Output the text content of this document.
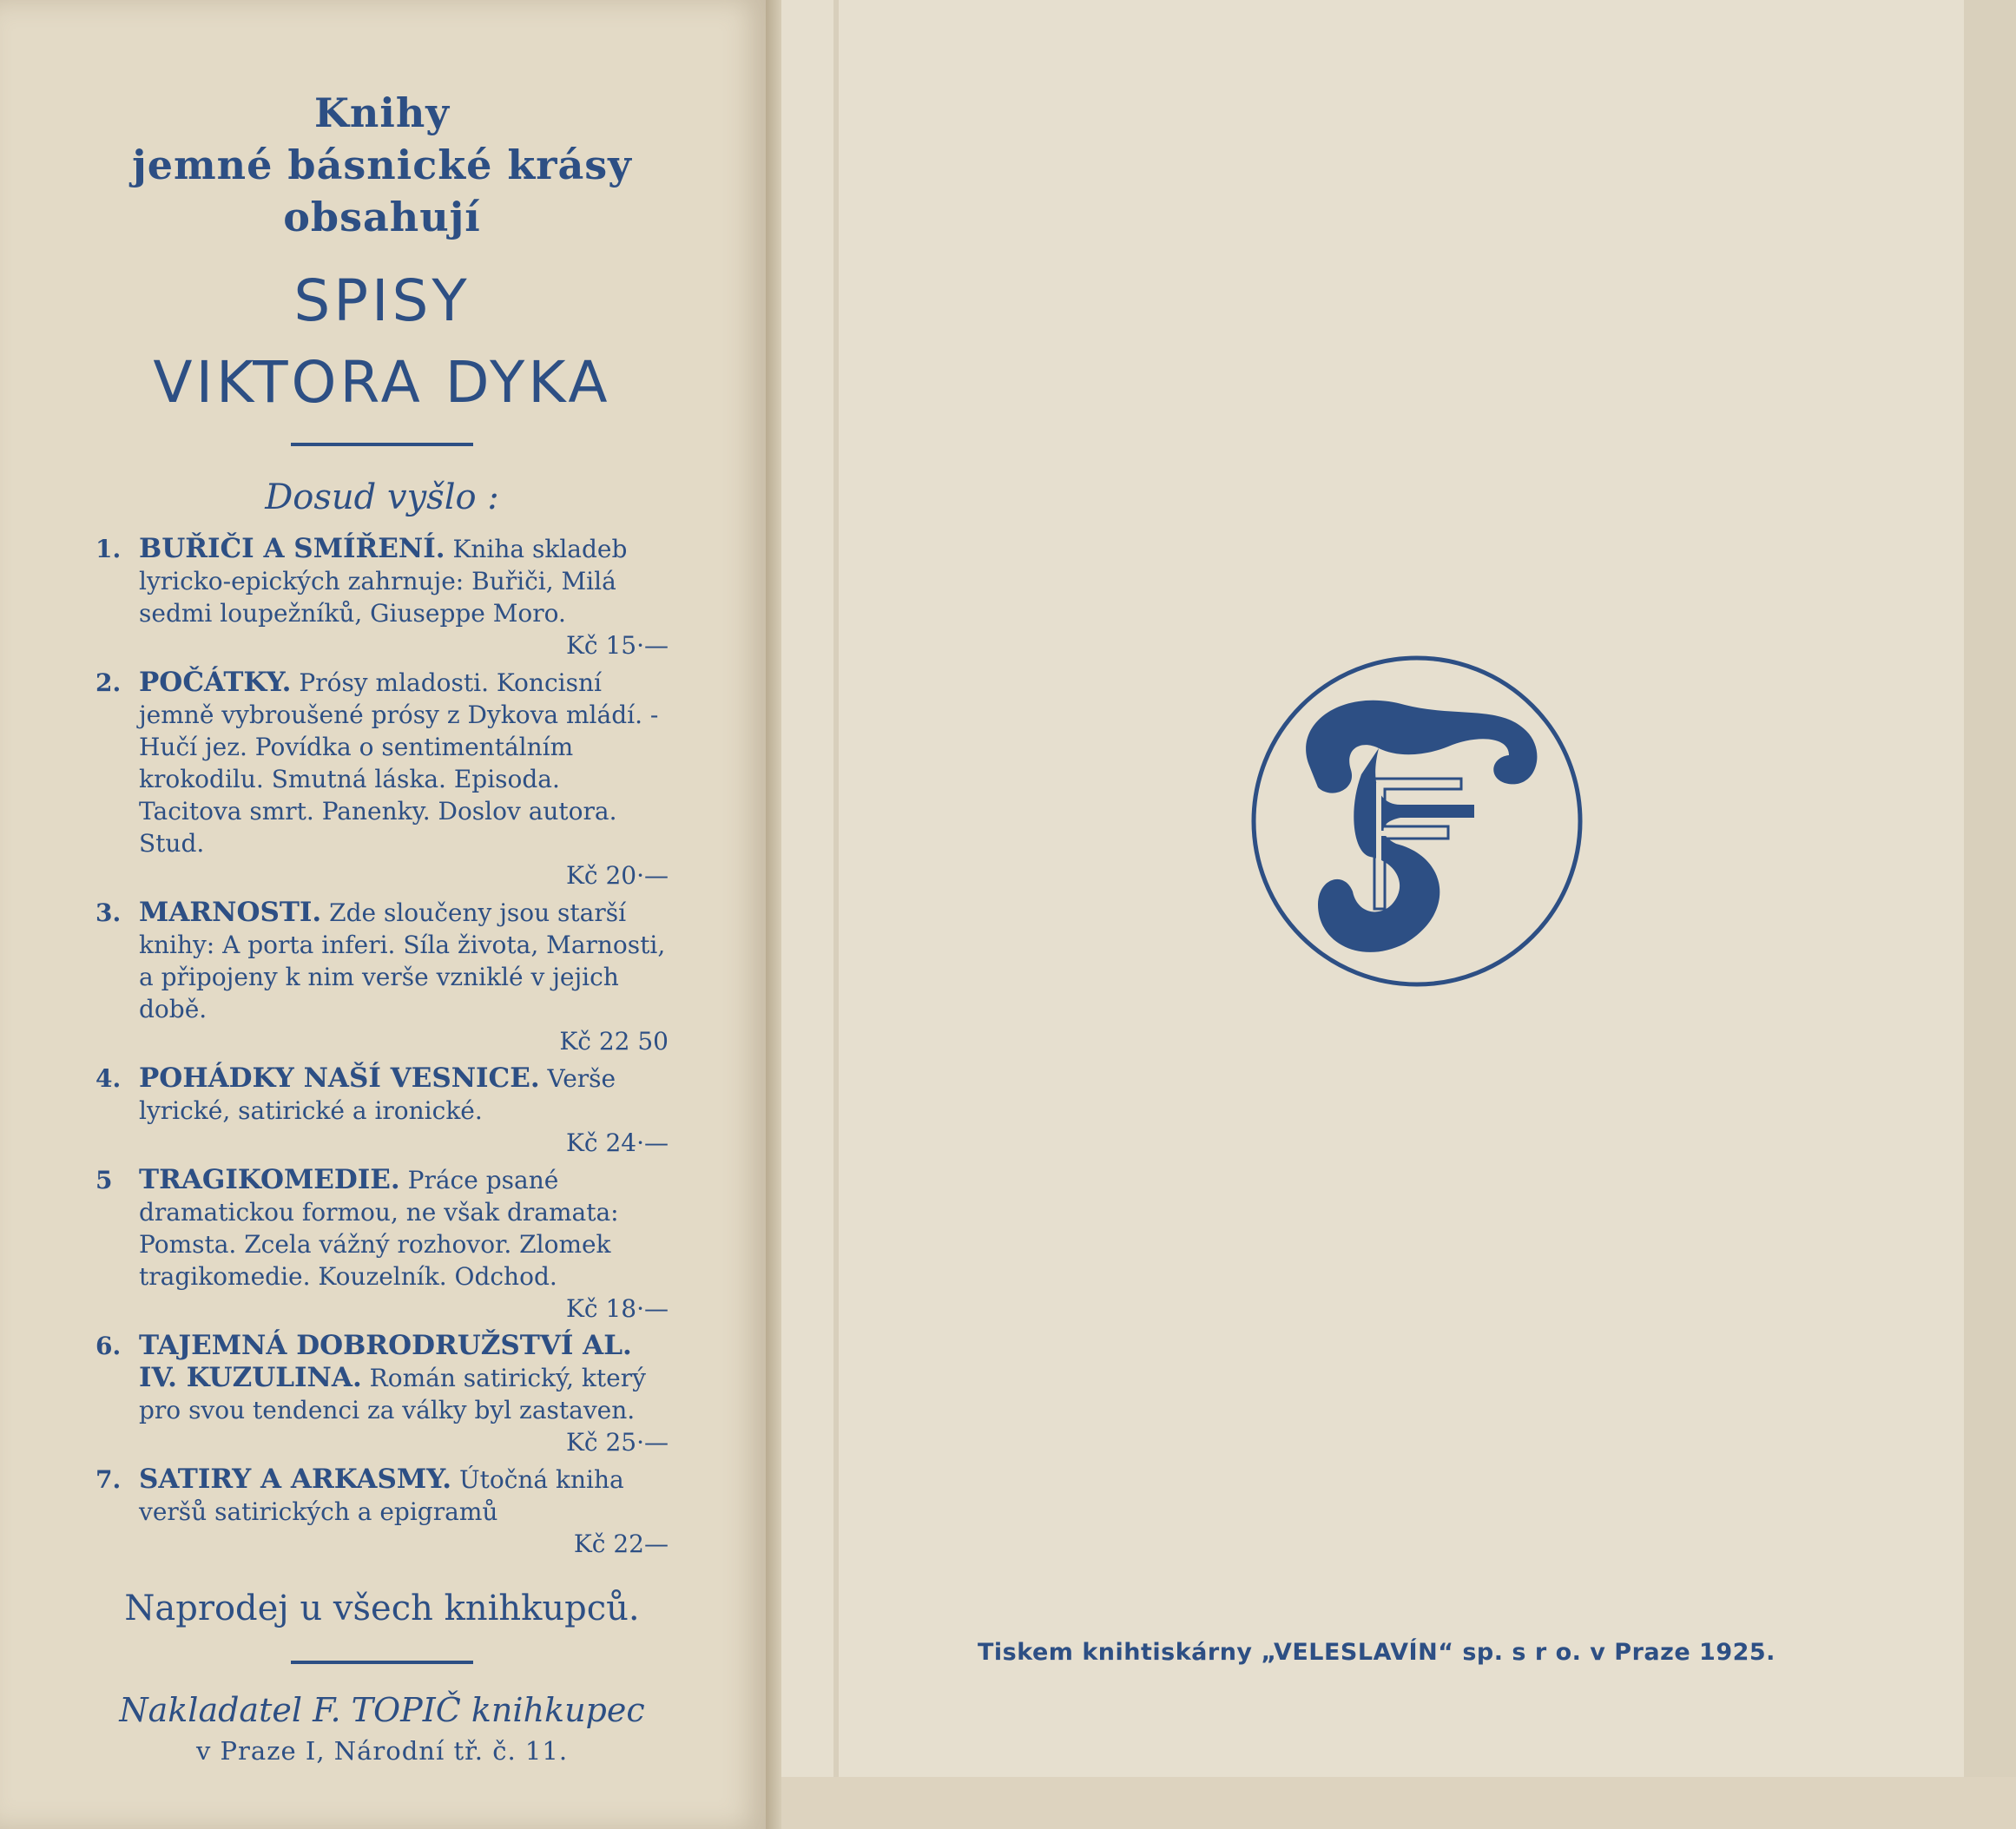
Knihy
jemné básnické krásy
obsahují
SPISY
VIKTORA DYKA
Dosud vyšlo :
1. BUŘIČI A SMÍŘENÍ. Kniha skladeb lyricko-epických zahrnuje: Buřiči, Milá sedmi loupežníků, Giuseppe Moro.
Kč 15·—
2. POČÁTKY. Prósy mladosti. Koncisní jemně vybroušené prósy z Dykova mládí. - Hučí jez. Povídka o sentimentálním krokodilu. Smutná láska. Episoda. Tacitova smrt. Panenky. Doslov autora. Stud.
Kč 20·—
3. MARNOSTI. Zde sloučeny jsou starší knihy: A porta inferi. Síla života, Marnosti, a připojeny k nim verše vzniklé v jejich době.
Kč 22 50
4. POHÁDKY NAŠÍ VESNICE. Verše lyrické, satirické a ironické.
Kč 24·—
5 TRAGIKOMEDIE. Práce psané dramatickou formou, ne však dramata: Pomsta. Zcela vážný rozhovor. Zlomek tragikomedie. Kouzelník. Odchod.
Kč 18·—
6. TAJEMNÁ DOBRODRUŽSTVÍ AL. IV. KUZULINA. Román satirický, který pro svou tendenci za války byl zastaven.
Kč 25·—
7. SATIRY A ARKASMY. Útočná kniha veršů satirických a epigramů
Kč 22—
Naprodej u všech knihkupců.
Nakladatel F. TOPIČ knihkupec
v Praze I, Národní tř. č. 11.
Tiskem knihtiskárny „VELESLAVÍN“ sp. s r o. v Praze 1925.
